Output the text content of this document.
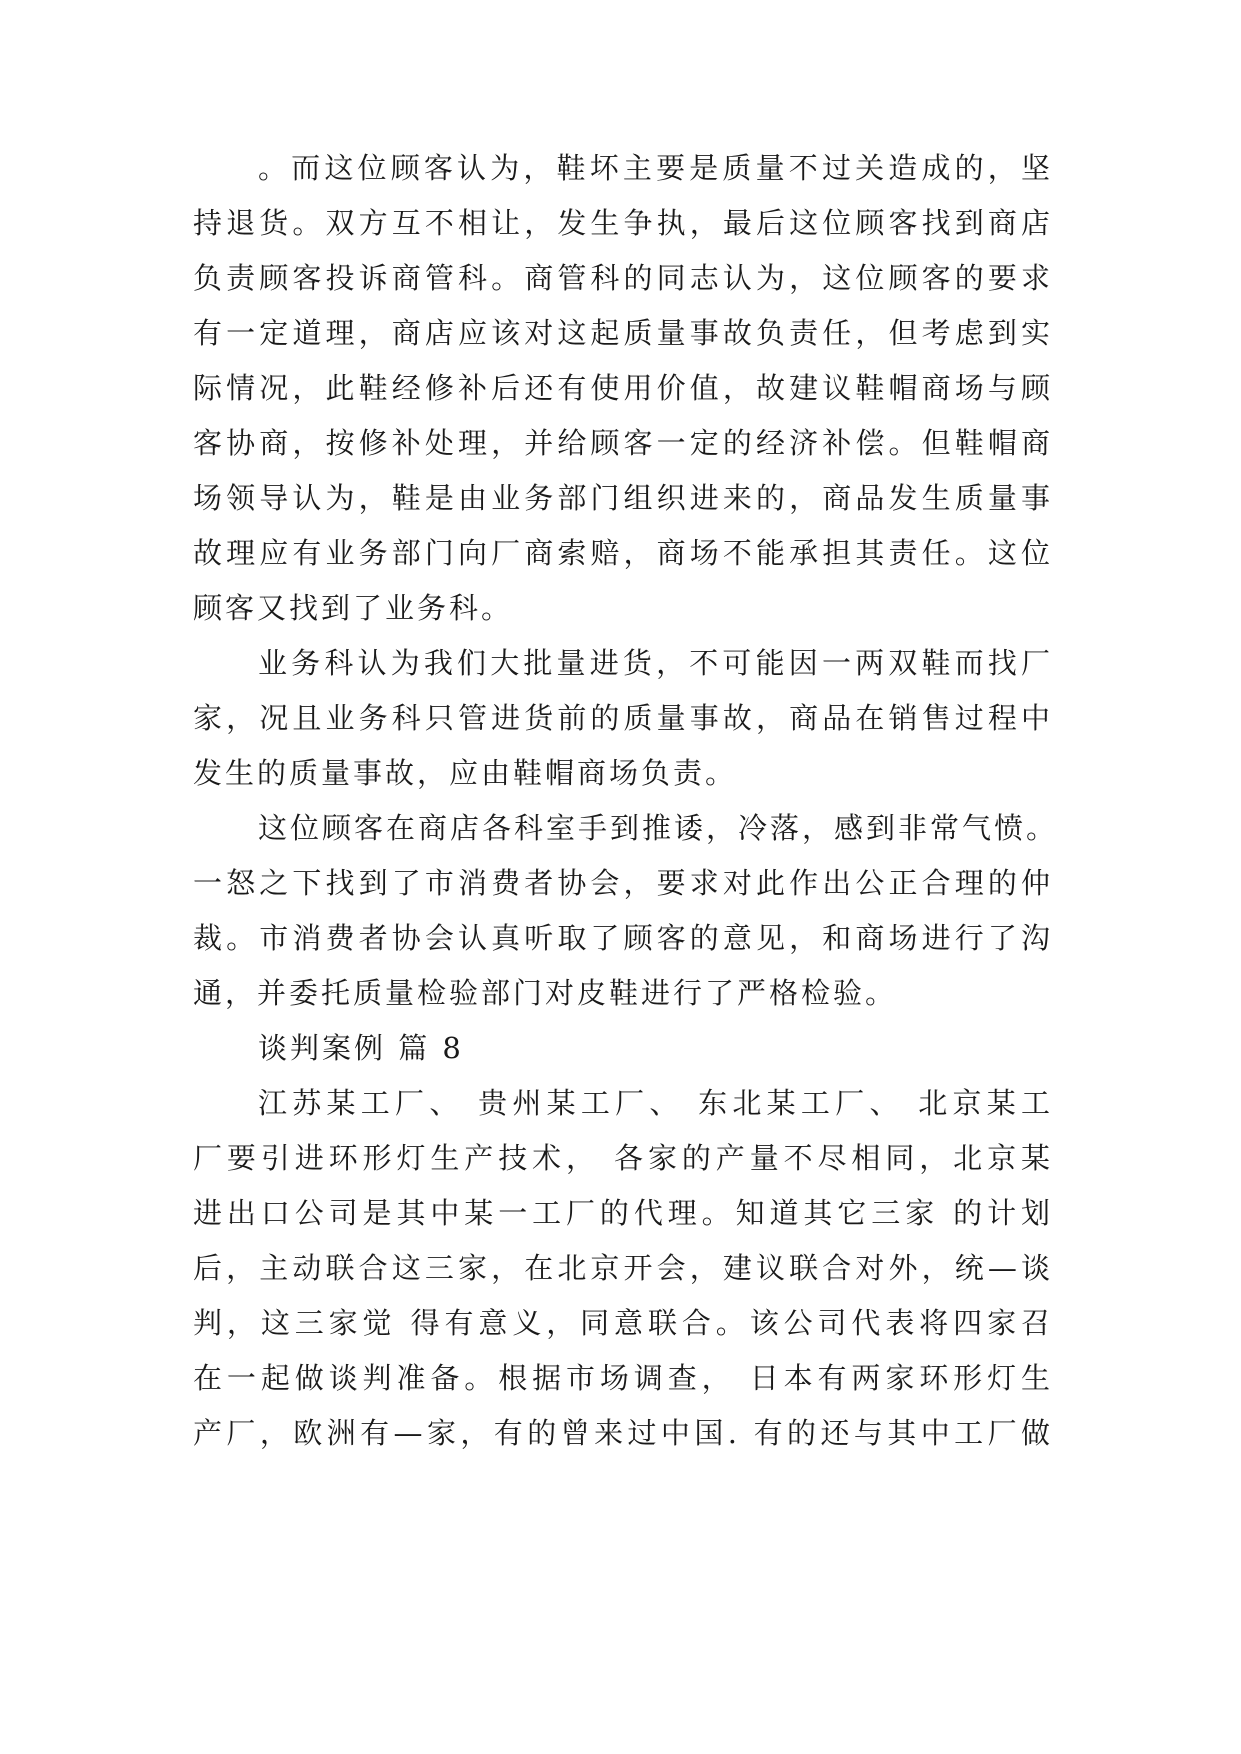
。而这位顾客认为，鞋坏主要是质量不过关造成的，坚
持退货。双方互不相让，发生争执，最后这位顾客找到商店
负责顾客投诉商管科。商管科的同志认为，这位顾客的要求
有一定道理，商店应该对这起质量事故负责任，但考虑到实
际情况，此鞋经修补后还有使用价值，故建议鞋帽商场与顾
客协商，按修补处理，并给顾客一定的经济补偿。但鞋帽商
场领导认为，鞋是由业务部门组织进来的，商品发生质量事
故理应有业务部门向厂商索赔，商场不能承担其责任。这位
顾客又找到了业务科。
业务科认为我们大批量进货，不可能因一两双鞋而找厂
家，况且业务科只管进货前的质量事故，商品在销售过程中
发生的质量事故，应由鞋帽商场负责。
这位顾客在商店各科室手到推诿，冷落，感到非常气愤。
一怒之下找到了市消费者协会，要求对此作出公正合理的仲
裁。市消费者协会认真听取了顾客的意见，和商场进行了沟
通，并委托质量检验部门对皮鞋进行了严格检验。
谈判案例 篇 8
江苏某工厂、 贵州某工厂、 东北某工厂、 北京某工
厂要引进环形灯生产技术， 各家的产量不尽相同，北京某
进出口公司是其中某一工厂的代理。知道其它三家 的计划
后，主动联合这三家，在北京开会，建议联合对外，统—谈
判，这三家觉 得有意义，同意联合。该公司代表将四家召
在一起做谈判准备。根据市场调查， 日本有两家环形灯生
产厂，欧洲有—家，有的曾来过中国. 有的还与其中工厂做
